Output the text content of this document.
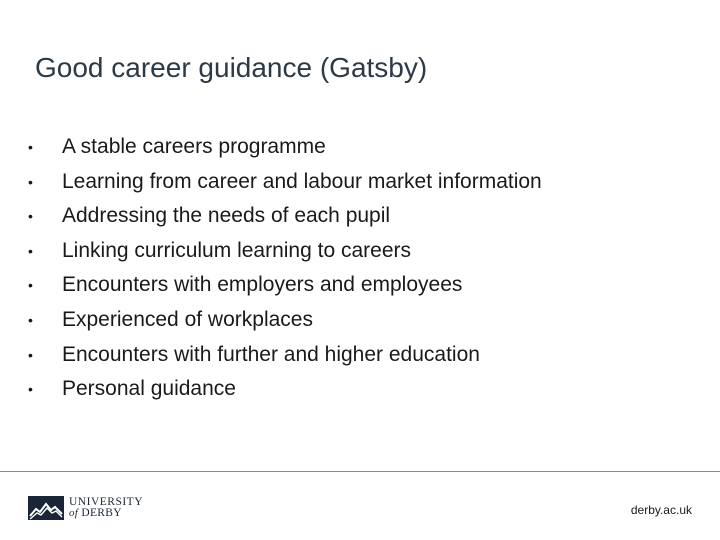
Good career guidance (Gatsby)
•	A stable careers programme
•	Learning from career and labour market information
•	Addressing the needs of each pupil
•	Linking curriculum learning to careers
•	Encounters with employers and employees
•	Experienced of workplaces
•	Encounters with further and higher education
•	Personal guidance
UNIVERSITY
of DERBY	derby.ac.uk
